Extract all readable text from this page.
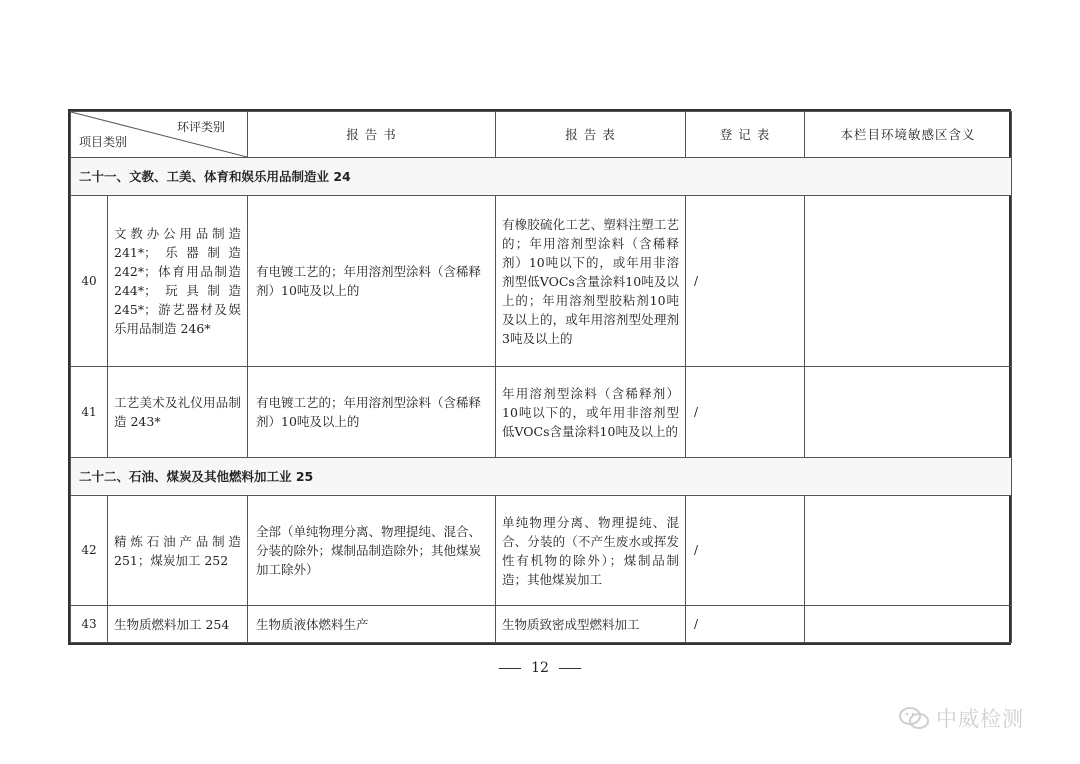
环评类别
项目类别		报 告 书	报 告 表	登 记 表	本栏目环境敏感区含义
二十一、文教、工美、体育和娱乐用品制造业 24					
40	文教办公用品制造241*；乐器制造242*；体育用品制造244*；玩具制造245*；游艺器材及娱乐用品制造 246*	有电镀工艺的；年用溶剂型涂料（含稀释剂）10吨及以上的	有橡胶硫化工艺、塑料注塑工艺的；年用溶剂型涂料（含稀释剂）10吨以下的，或年用非溶剂型低VOCs含量涂料10吨及以上的；年用溶剂型胶粘剂10吨及以上的，或年用溶剂型处理剂3吨及以上的	/	
41	工艺美术及礼仪用品制造 243*	有电镀工艺的；年用溶剂型涂料（含稀释剂）10吨及以上的	年用溶剂型涂料（含稀释剂）10吨以下的，或年用非溶剂型低VOCs含量涂料10吨及以上的	/	
二十二、石油、煤炭及其他燃料加工业 25					
42	精炼石油产品制造251；煤炭加工 252	全部（单纯物理分离、物理提纯、混合、分装的除外；煤制品制造除外；其他煤炭加工除外）	单纯物理分离、物理提纯、混合、分装的（不产生废水或挥发性有机物的除外）；煤制品制造；其他煤炭加工	/	
43	生物质燃料加工 254	生物质液体燃料生产	生物质致密成型燃料加工	/	
12
中威检测
